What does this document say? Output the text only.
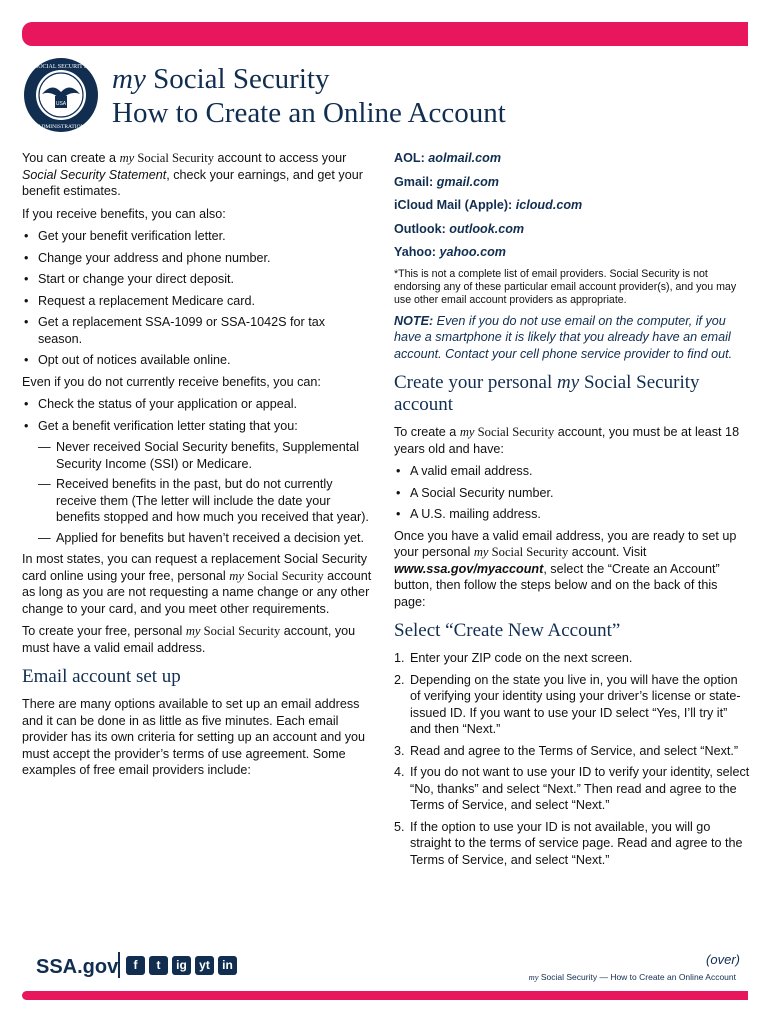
USA
SOCIAL SECURITY
ADMINISTRATION
my Social Security
How to Create an Online Account

You can create a my Social Security account to access your Social Security Statement, check your earnings, and get your benefit estimates.

If you receive benefits, you can also:

• Get your benefit verification letter.
• Change your address and phone number.
• Start or change your direct deposit.
• Request a replacement Medicare card.
• Get a replacement SSA-1099 or SSA-1042S for tax season.
• Opt out of notices available online.

Even if you do not currently receive benefits, you can:

• Check the status of your application or appeal.
• Get a benefit verification letter stating that you:
— Never received Social Security benefits, Supplemental Security Income (SSI) or Medicare.
— Received benefits in the past, but do not currently receive them (The letter will include the date your benefits stopped and how much you received that year).
— Applied for benefits but haven’t received a decision yet.

In most states, you can request a replacement Social Security card online using your free, personal my Social Security account as long as you are not requesting a name change or any other change to your card, and you meet other requirements.

To create your free, personal my Social Security account, you must have a valid email address.

Email account set up

There are many options available to set up an email address and it can be done in as little as five minutes. Each email provider has its own criteria for setting up an account and you must accept the provider’s terms of use agreement. Some examples of free email providers include:

AOL: aolmail.com
Gmail: gmail.com
iCloud Mail (Apple): icloud.com
Outlook: outlook.com
Yahoo: yahoo.com

*This is not a complete list of email providers. Social Security is not endorsing any of these particular email account provider(s), and you may use other email account providers as appropriate.

NOTE: Even if you do not use email on the computer, if you have a smartphone it is likely that you already have an email account. Contact your cell phone service provider to find out.

Create your personal my Social Security account

To create a my Social Security account, you must be at least 18 years old and have:

• A valid email address.
• A Social Security number.
• A U.S. mailing address.

Once you have a valid email address, you are ready to set up your personal my Social Security account. Visit www.ssa.gov/myaccount, select the “Create an Account” button, then follow the steps below and on the back of this page:

Select “Create New Account”
1. Enter your ZIP code on the next screen.
2. Depending on the state you live in, you will have the option of verifying your identity using your driver’s license or state-issued ID. If you want to use your ID select “Yes, I’ll try it” and then “Next.”
3. Read and agree to the Terms of Service, and select “Next.”
4. If you do not want to use your ID to verify your identity, select “No, thanks” and select “Next.” Then read and agree to the Terms of Service, and select “Next.”
5. If the option to use your ID is not available, you will go straight to the terms of service page. Read and agree to the Terms of Service, and select “Next.”
SSA.gov	f	t	ig	yt	in	(over)
my Social Security — How to Create an Online Account
